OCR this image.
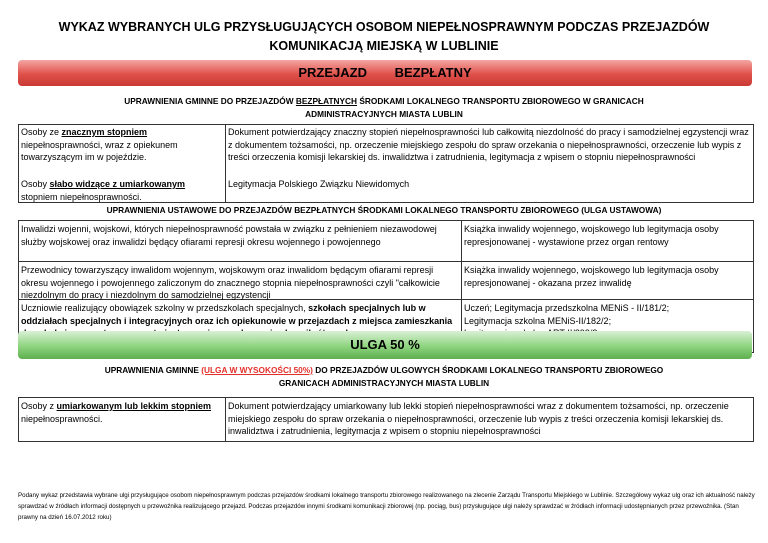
WYKAZ WYBRANYCH ULG PRZYSŁUGUJĄCYCH OSOBOM NIEPEŁNOSPRAWNYM PODCZAS PRZEJAZDÓW KOMUNIKACJĄ MIEJSKĄ W LUBLINIE
PRZEJAZD BEZPŁATNY
UPRAWNIENIA GMINNE DO PRZEJAZDÓW BEZPŁATNYCH ŚRODKAMI LOKALNEGO TRANSPORTU ZBIOROWEGO W GRANICACH
ADMINISTRACYJNYCH MIASTA LUBLIN
Osoby ze znacznym stopniem
niepełnosprawności, wraz z opiekunem towarzyszącym im w pojeździe.
Dokument potwierdzający znaczny stopień niepełnosprawności lub całkowitą niezdolność do pracy i samodzielnej egzystencji wraz z dokumentem tożsamości, np. orzeczenie miejskiego zespołu do spraw orzekania o niepełnosprawności, orzeczenie lub wypis z treści orzeczenia komisji lekarskiej ds. inwalidztwa i zatrudnienia, legitymacja z wpisem o stopniu niepełnosprawności
Osoby słabo widzące z umiarkowanym
stopniem niepełnosprawności.
Legitymacja Polskiego Związku Niewidomych
UPRAWNIENIA USTAWOWE DO PRZEJAZDÓW BEZPŁATNYCH ŚRODKAMI LOKALNEGO TRANSPORTU ZBIOROWEGO (ULGA USTAWOWA)
Inwalidzi wojenni, wojskowi, których niepełnosprawność powstała w związku z pełnieniem niezawodowej służby wojskowej oraz inwalidzi będący ofiarami represji okresu wojennego i powojennego
Książka inwalidy wojennego, wojskowego lub legitymacja osoby represjonowanej - wystawione przez organ rentowy
Przewodnicy towarzyszący inwalidom wojennym, wojskowym oraz inwalidom będącym ofiarami represji okresu wojennego i powojennego zaliczonym do znacznego stopnia niepełnosprawności czyli "całkowicie niezdolnym do pracy i niezdolnym do samodzielnej egzystencji
Książka inwalidy wojennego, wojskowego lub legitymacja osoby represjonowanej - okazana przez inwalidę
Uczniowie realizujący obowiązek szkolny w przedszkolach specjalnych, szkołach specjalnych lub w oddziałach specjalnych i integracyjnych oraz ich opiekunowie w przejazdach z miejsca zamieszkania
Uczeń; Legitymacja przedszkolna MENiS - II/181/2;
Legitymacja szkolna MENiS-II/182/2;

ULGA 50 %
UPRAWNIENIA GMINNE (ULGA W WYSOKOŚCI 50%) DO PRZEJAZDÓW ULGOWYCH ŚRODKAMI LOKALNEGO TRANSPORTU ZBIOROWEGO
GRANICACH ADMINISTRACYJNYCH MIASTA LUBLIN
Osoby z umiarkowanym lub lekkim stopniem
niepełnosprawności.
Dokument potwierdzający umiarkowany lub lekki stopień niepełnosprawności wraz z dokumentem tożsamości, np. orzeczenie miejskiego zespołu do spraw orzekania o niepełnosprawności, orzeczenie lub wypis z treści orzeczenia komisji lekarskiej ds. inwalidztwa i zatrudnienia, legitymacja z wpisem o stopniu niepełnosprawności
Podany wykaz przedstawia wybrane ulgi przysługujące osobom niepełnosprawnym podczas przejazdów środkami lokalnego transportu zbiorowego realizowanego na zlecenie Zarządu Transportu Miejskiego w Lublinie. Szczegółowy wykaz ulg oraz ich aktualność należy sprawdzać w źródłach informacji dostępnych u przewoźnika realizującego przejazd. Podczas przejazdów innymi środkami komunikacji zbiorowej (np. pociąg, bus) przysługujące ulgi należy sprawdzać w źródłach informacji udostępnianych przez przewoźnika. (Stan prawny na dzień 16.07.2012 roku)
